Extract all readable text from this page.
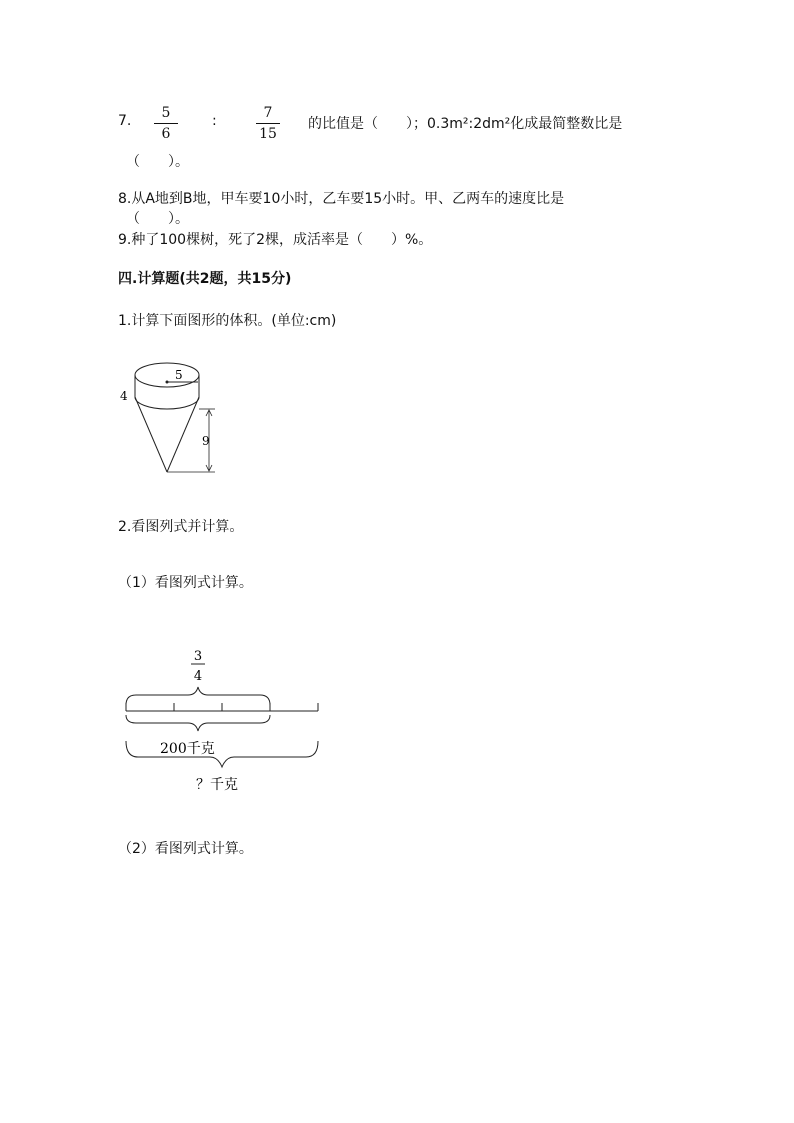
7.	5
6
:	7
15
的比值是（　　）；0.3m²:2dm²化成最简整数比是
（　　）。
8.从A地到B地，甲车要10小时，乙车要15小时。甲、乙两车的速度比是
（　　）。
9.种了100棵树，死了2棵，成活率是（　　）%。
四.计算题(共2题，共15分)
1.计算下面图形的体积。(单位:cm)
5
4
9
2.看图列式并计算。
（1）看图列式计算。
3
4
200千克
？千克
（2）看图列式计算。
